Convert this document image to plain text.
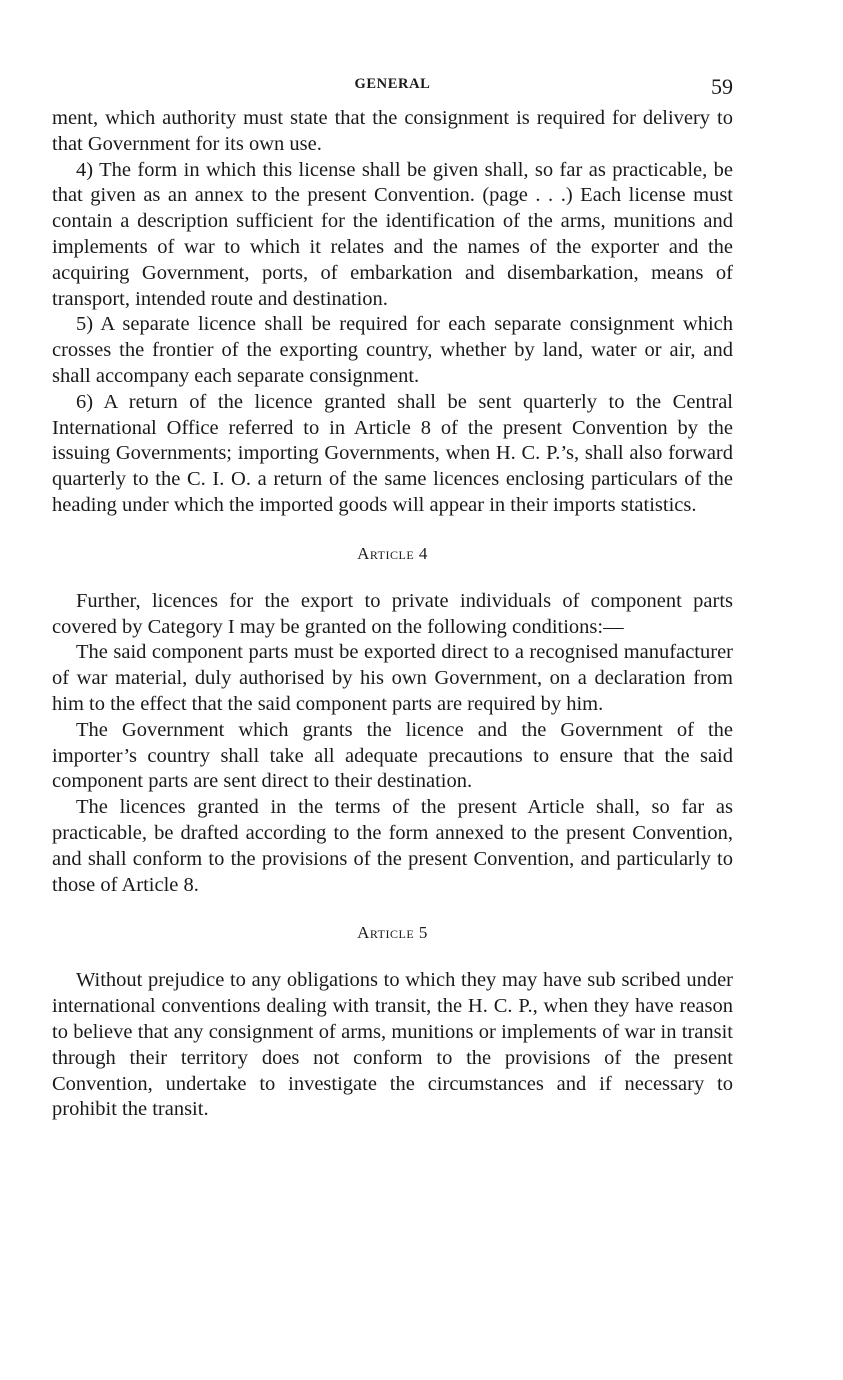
GENERAL	59

ment, which authority must state that the consignment is required for delivery to that Government for its own use.

4) The form in which this license shall be given shall, so far as practicable, be that given as an annex to the present Convention. (page . . .) Each license must contain a description sufficient for the identification of the arms, munitions and implements of war to which it relates and the names of the exporter and the acquiring Government, ports, of embarkation and disembarkation, means of transport, intended route and destination.

5) A separate licence shall be required for each separate consignment which crosses the frontier of the exporting country, whether by land, water or air, and shall accompany each separate consignment.

6) A return of the licence granted shall be sent quarterly to the Central International Office referred to in Article 8 of the present Convention by the issuing Governments; importing Governments, when H. C. P.’s, shall also forward quarterly to the C. I. O. a return of the same licences enclosing particulars of the heading under which the imported goods will appear in their imports statistics.

Article 4

Further, licences for the export to private individuals of component parts covered by Category I may be granted on the following conditions:—

The said component parts must be exported direct to a recognised manufacturer of war material, duly authorised by his own Government, on a declaration from him to the effect that the said component parts are required by him.

The Government which grants the licence and the Government of the importer’s country shall take all adequate precautions to ensure that the said component parts are sent direct to their destination.

The licences granted in the terms of the present Article shall, so far as practicable, be drafted according to the form annexed to the present Convention, and shall conform to the provisions of the present Convention, and particularly to those of Article 8.

Article 5

Without prejudice to any obligations to which they may have sub scribed under international conventions dealing with transit, the H. C. P., when they have reason to believe that any consignment of arms, munitions or implements of war in transit through their territory does not conform to the provisions of the present Convention, undertake to investigate the circumstances and if necessary to prohibit the transit.
